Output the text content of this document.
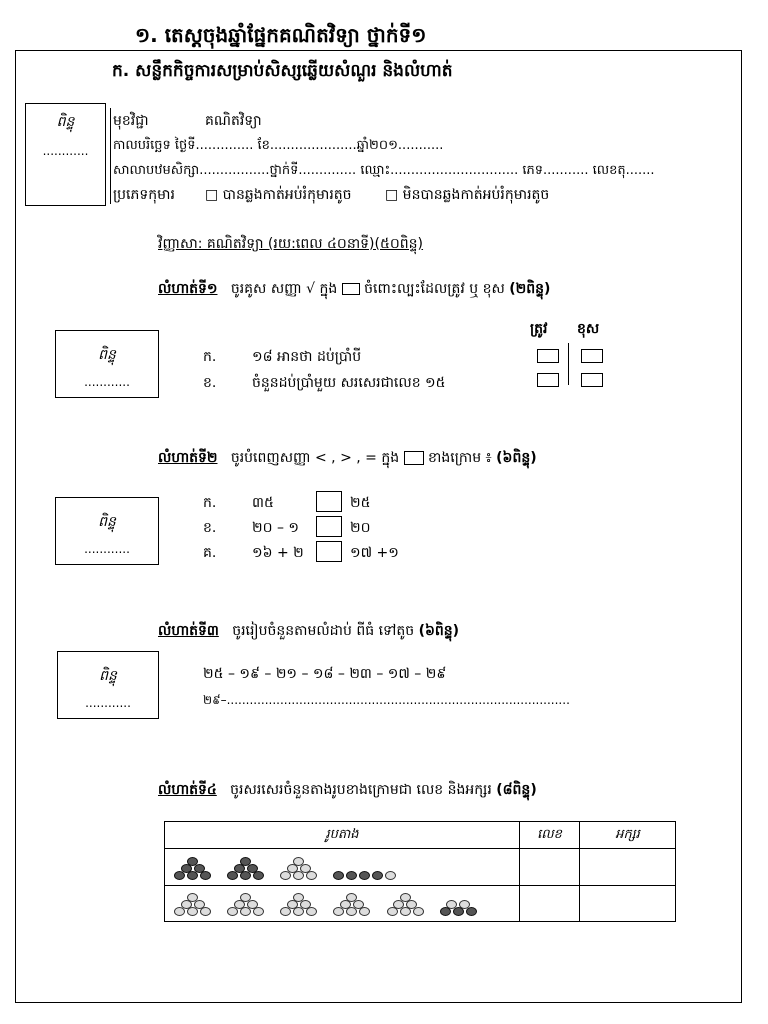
១. តេស្តចុងឆ្នាំផ្នែកគណិតវិទ្យា ថ្នាក់ទី១
ក. សន្លឹកកិច្ចការសម្រាប់សិស្សឆ្លើយសំណួរ និងលំហាត់
ពិន្ទុ
............
មុខវិជ្ជា	គណិតវិទ្យា
កាលបរិច្ឆេទ ថ្ងៃទី.............. ខែ.....................ឆ្នាំ២០១...........
សាលាបឋមសិក្សា.................ថ្នាក់ទី.............. ឈ្មោះ............................... ភេទ........... លេខតុ.......
ប្រភេទកុមារ □ បានឆ្លងកាត់អប់រំកុមារតូច □ មិនបានឆ្លងកាត់អប់រំកុមារតូច
វិញ្ញាសា: គណិតវិទ្យា (រយ:ពេល ៤០នាទី)(៥០ពិន្ទុ)
លំហាត់ទី១ ចូរគូស សញ្ញា √ ក្នុង ចំពោះល្បះដែលត្រូវ ឬ ខុស (២ពិន្ទុ)
ពិន្ទុ
............
ត្រូវ ខុស
ក.	១៨ អានថា ដប់ប្រាំបី
ខ.	ចំនួនដប់ប្រាំមួយ សរសេរជាលេខ ១៥
លំហាត់ទី២ ចូរបំពេញសញ្ញា < , > , = ក្នុង ខាងក្រោម ៖ (៦ពិន្ទុ)
ពិន្ទុ
............
ក.	៣៥	២៥
ខ.	២០ – ១	២០
គ.	១៦ + ២	១៧ +១
លំហាត់ទី៣ ចូររៀបចំនួនតាមលំដាប់ ពីធំ ទៅតូច (៦ពិន្ទុ)
ពិន្ទុ
............
២៥ – ១៩ – ២១ – ១៨ – ២៣ – ១៧ – ២៩
២៩–..........................................................................................
លំហាត់ទី៤ ចូរសរសេរចំនួនតាងរូបខាងក្រោមជា លេខ និងអក្សរ (៨ពិន្ទុ)
រូបតាង	លេខ	អក្សរ
